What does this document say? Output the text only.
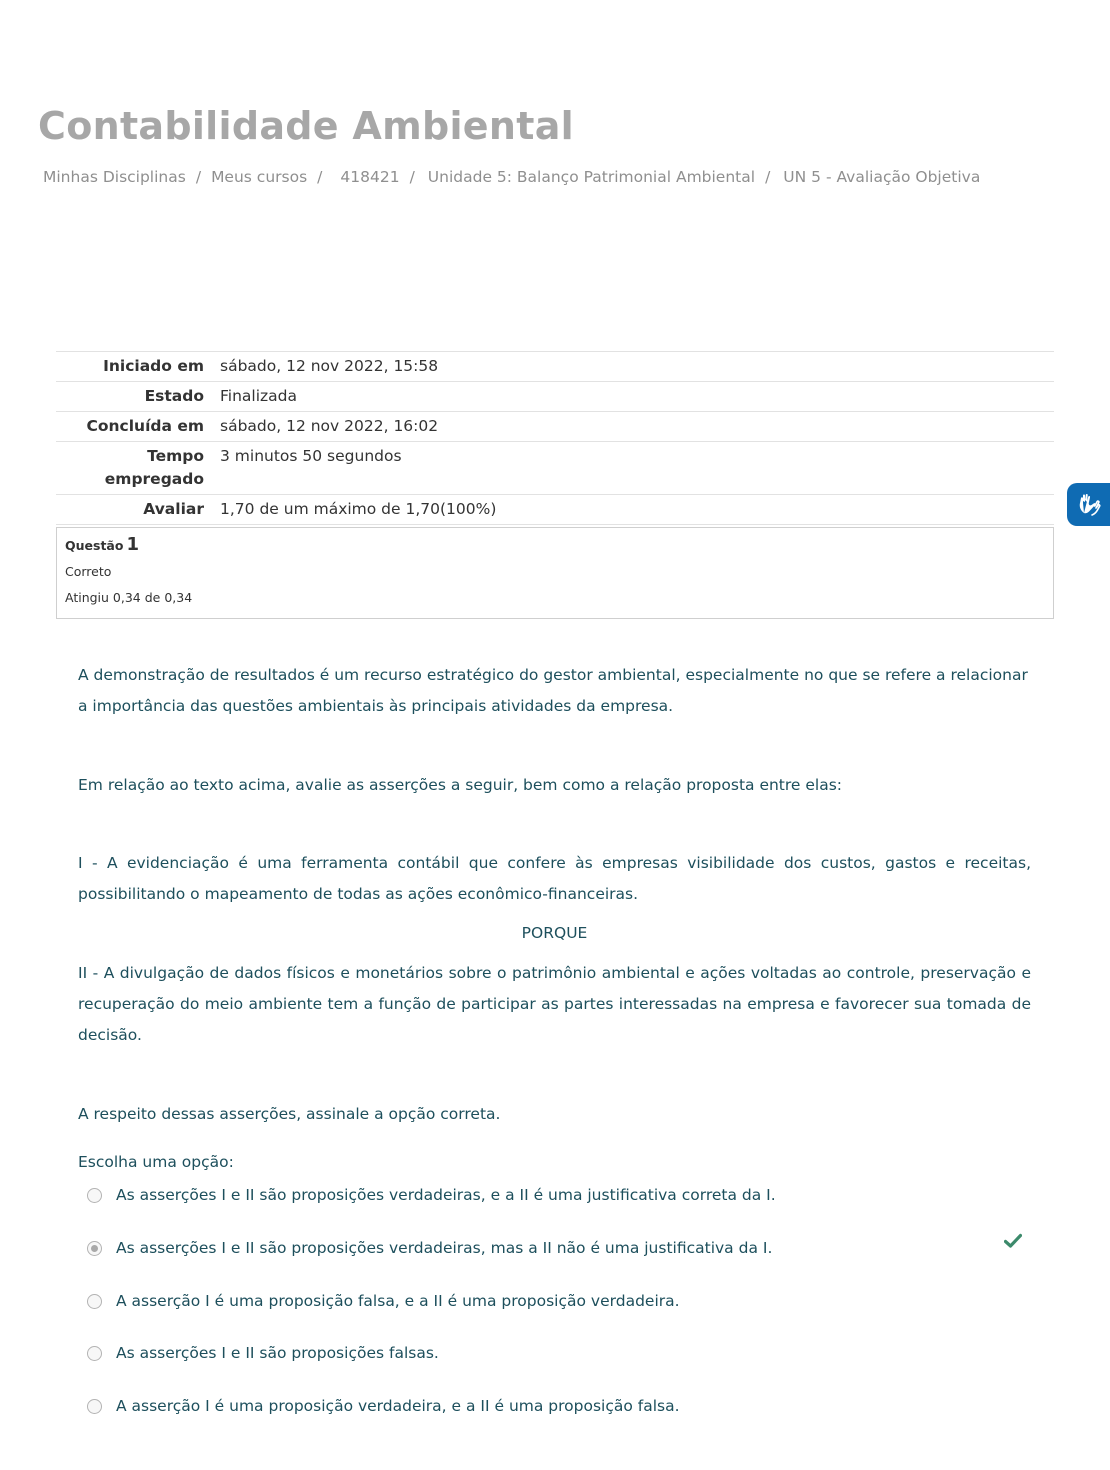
Contabilidade Ambiental
Minhas Disciplinas / Meus cursos / 418421 / Unidade 5: Balanço Patrimonial Ambiental / UN 5 - Avaliação Objetiva
Iniciado em	sábado, 12 nov 2022, 15:58
Estado	Finalizada
Concluída em	sábado, 12 nov 2022, 16:02
Tempo
empregado	3 minutos 50 segundos
Avaliar	1,70 de um máximo de 1,70(100%)
Questão 1
Correto
Atingiu 0,34 de 0,34

A demonstração de resultados é um recurso estratégico do gestor ambiental, especialmente no que se refere a relacionar a importância das questões ambientais às principais atividades da empresa.

Em relação ao texto acima, avalie as asserções a seguir, bem como a relação proposta entre elas:

I - A evidenciação é uma ferramenta contábil que confere às empresas visibilidade dos custos, gastos e receitas, possibilitando o mapeamento de todas as ações econômico-financeiras.

PORQUE

II - A divulgação de dados físicos e monetários sobre o patrimônio ambiental e ações voltadas ao controle, preservação e recuperação do meio ambiente tem a função de participar as partes interessadas na empresa e favorecer sua tomada de decisão.

A respeito dessas asserções, assinale a opção correta.

Escolha uma opção:
As asserções I e II são proposições verdadeiras, e a II é uma justificativa correta da I.
As asserções I e II são proposições verdadeiras, mas a II não é uma justificativa da I.
A asserção I é uma proposição falsa, e a II é uma proposição verdadeira.
As asserções I e II são proposições falsas.
A asserção I é uma proposição verdadeira, e a II é uma proposição falsa.
